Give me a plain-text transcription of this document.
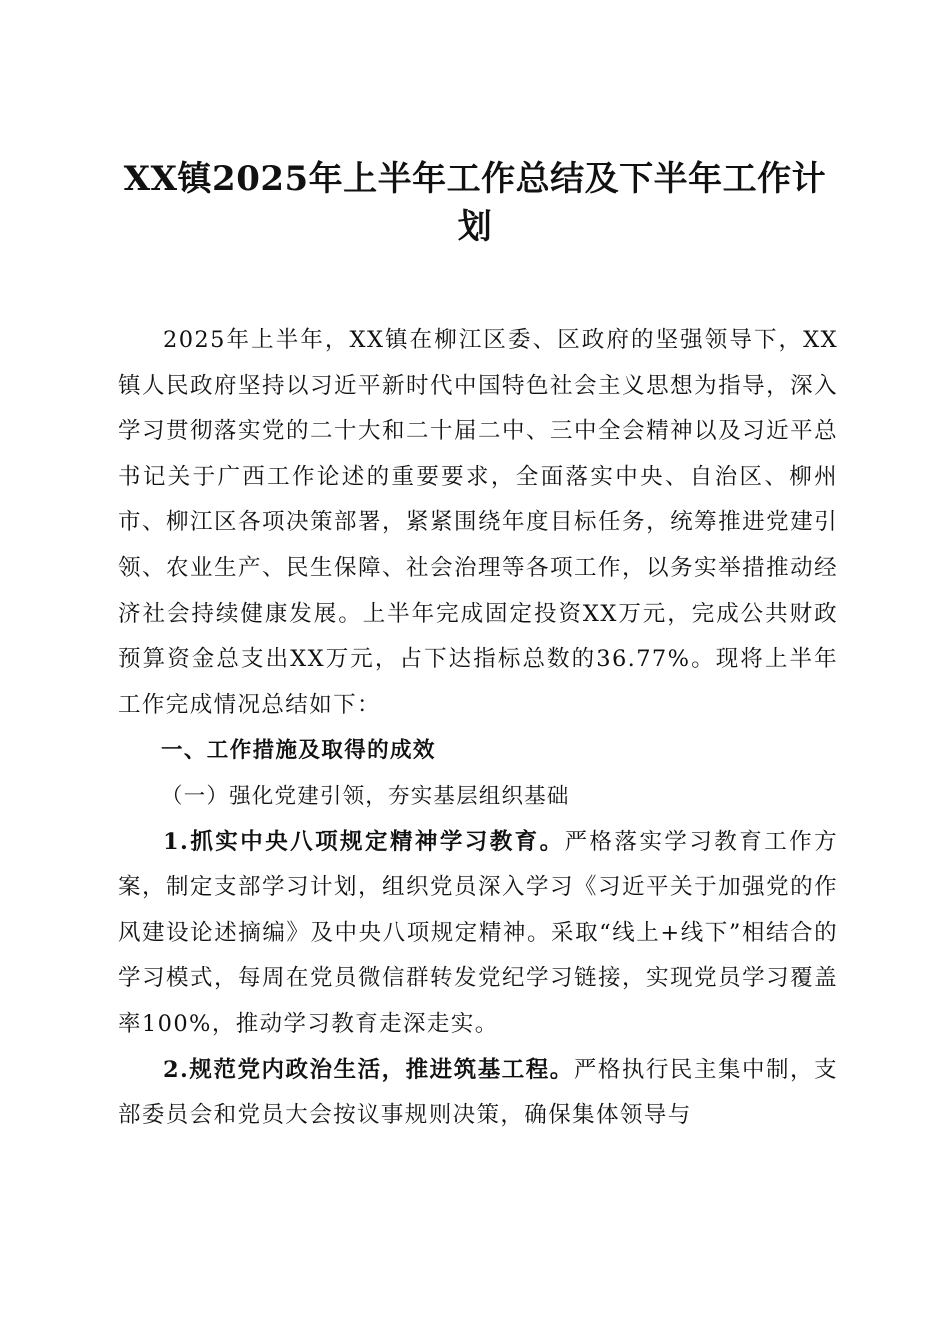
XX镇2025年上半年工作总结及下半年工作计划

2025年上半年，XX镇在柳江区委、区政府的坚强领导下，XX镇人民政府坚持以习近平新时代中国特色社会主义思想为指导，深入学习贯彻落实党的二十大和二十届二中、三中全会精神以及习近平总书记关于广西工作论述的重要要求，全面落实中央、自治区、柳州市、柳江区各项决策部署，紧紧围绕年度目标任务，统筹推进党建引领、农业生产、民生保障、社会治理等各项工作，以务实举措推动经济社会持续健康发展。上半年完成固定投资XX万元，完成公共财政预算资金总支出XX万元，占下达指标总数的36.77%。现将上半年工作完成情况总结如下：

一、工作措施及取得的成效

（一）强化党建引领，夯实基层组织基础

1.抓实中央八项规定精神学习教育。严格落实学习教育工作方案，制定支部学习计划，组织党员深入学习《习近平关于加强党的作风建设论述摘编》及中央八项规定精神。采取“线上+线下”相结合的学习模式，每周在党员微信群转发党纪学习链接，实现党员学习覆盖率100%，推动学习教育走深走实。

2.规范党内政治生活，推进筑基工程。严格执行民主集中制，支部委员会和党员大会按议事规则决策，确保集体领导与
